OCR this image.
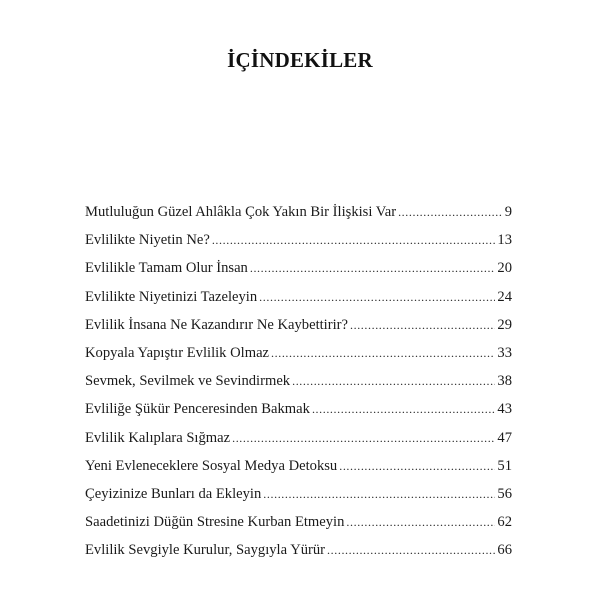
İÇİNDEKİLER
Mutluluğun Güzel Ahlâkla Çok Yakın Bir İlişkisi Var .....	9
Evlilikte Niyetin Ne? .....	13
Evlilikle Tamam Olur İnsan .....	20
Evlilikte Niyetinizi Tazeleyin .....	24
Evlilik İnsana Ne Kazandırır Ne Kaybettirir? .....	29
Kopyala Yapıştır Evlilik Olmaz .....	33
Sevmek, Sevilmek ve Sevindirmek .....	38
Evliliğe Şükür Penceresinden Bakmak .....	43
Evlilik Kalıplara Sığmaz .....	47
Yeni Evleneceklere Sosyal Medya Detoksu .....	51
Çeyizinize Bunları da Ekleyin .....	56
Saadetinizi Düğün Stresine Kurban Etmeyin .....	62
Evlilik Sevgiyle Kurulur, Saygıyla Yürür .....	66
